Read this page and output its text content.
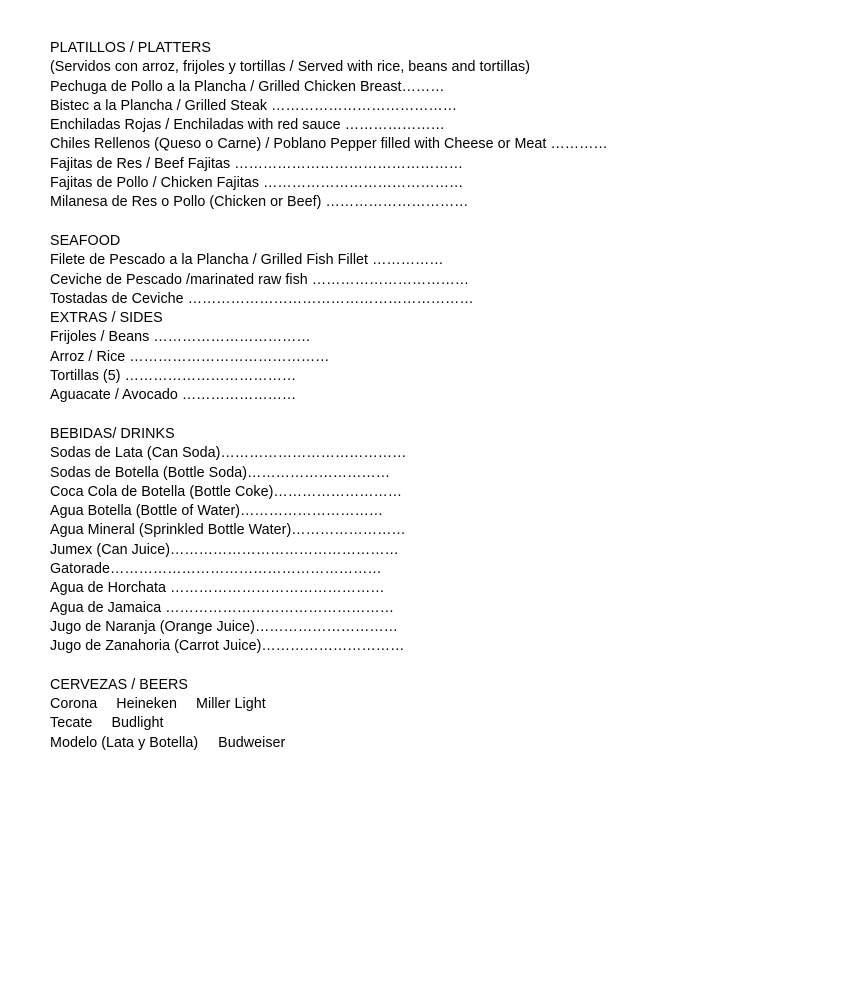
PLATILLOS / PLATTERS
(Servidos con arroz, frijoles y tortillas / Served with rice, beans and tortillas)
Pechuga de Pollo a la Plancha / Grilled Chicken Breast………
Bistec a la Plancha / Grilled Steak …………………………………
Enchiladas Rojas / Enchiladas with red sauce …………………
Chiles Rellenos (Queso o Carne) / Poblano Pepper filled with Cheese or Meat …………
Fajitas de Res / Beef Fajitas …………………………………………
Fajitas de Pollo / Chicken Fajitas ……………………………………
Milanesa de Res o Pollo (Chicken or Beef) …………………………
SEAFOOD
Filete de Pescado a la Plancha / Grilled Fish Fillet ……………
Ceviche de Pescado /marinated raw fish ……………………………
Tostadas de Ceviche ……………………………………………………
EXTRAS / SIDES
Frijoles / Beans ……………………………
Arroz / Rice ……………………………………
Tortillas (5) ………………………………
Aguacate / Avocado ……………………
BEBIDAS/ DRINKS
Sodas de Lata (Can Soda)…………………………………
Sodas de Botella (Bottle Soda)…………………………
Coca Cola de Botella (Bottle Coke)………………………
Agua Botella (Bottle of Water)…………………………
Agua Mineral (Sprinkled Bottle Water)……………………
Jumex (Can Juice)…………………………………………
Gatorade…………………………………………………
Agua de Horchata ………………………………………
Agua de Jamaica …………………………………………
Jugo de Naranja (Orange Juice)…………………………
Jugo de Zanahoria (Carrot Juice)…………………………
CERVEZAS / BEERS
Corona Heineken Miller Light
Tecate Budlight
Modelo (Lata y Botella) Budweiser
